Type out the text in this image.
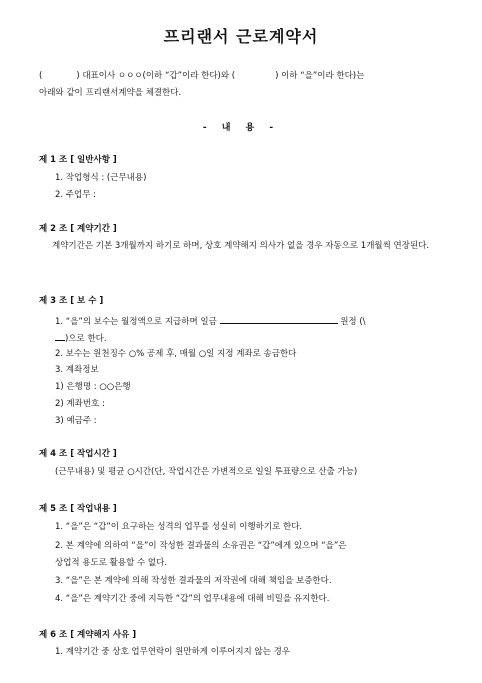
프리랜서 근로계약서
(	) 대표이사 ㅇㅇㅇ(이하 “갑”이라 한다)와 (	) 이하 “을”이라 한다)는
아래와 같이 프리랜서계약을 체결한다.
- 내 용 -
제 1 조 [ 일반사항 ]
1. 작업형식 : (근무내용)
2. 주업무 :
제 2 조 [ 계약기간 ]
계약기간은 기본 3개월까지 하기로 하며, 상호 계약해지 의사가 없을 경우 자동으로 1개월씩 연장된다.
제 3 조 [ 보 수 ]
1. “을”의 보수는 월정액으로 지급하며 일금	원정 (\
)으로 한다.
2. 보수는 원천징수 ○% 공제 후, 매월 ○일 지정 계좌로 송금한다
3. 계좌정보
1) 은행명 : ○○은행
2) 계좌번호 :
3) 예금주 :
제 4 조 [ 작업시간 ]
(근무내용) 및 평균 ○시간(단, 작업시간은 가변적으로 일일 투표량으로 산출 가능)
제 5 조 [ 작업내용 ]
1. “을”은 “갑”이 요구하는 성격의 업무를 성실히 이행하기로 한다.
2. 본 계약에 의하여 “을”이 작성한 결과물의 소유권은 “갑”에게 있으며 “을”은
상업적 용도로 활용할 수 없다.
3. “을”은 본 계약에 의해 작성한 결과물의 저작권에 대해 책임을 보증한다.
4. “을”은 계약기간 중에 지득한 “갑”의 업무내용에 대해 비밀을 유지한다.
제 6 조 [ 계약해지 사유 ]
1. 계약기간 중 상호 업무연락이 원만하게 이루어지지 않는 경우
